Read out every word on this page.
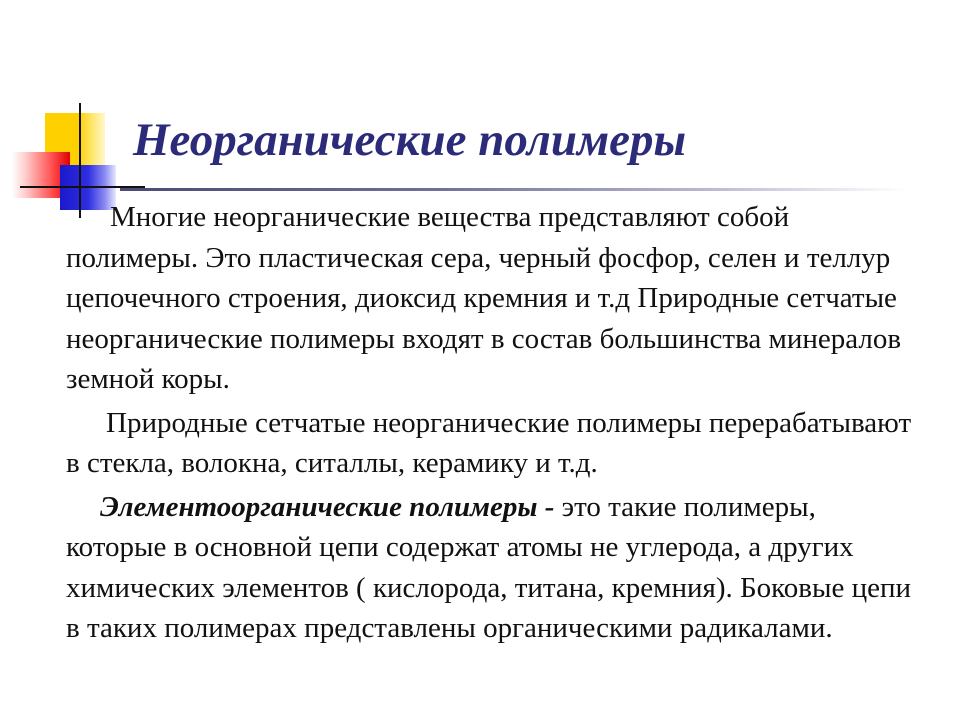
Неорганические полимеры

Многие неорганические вещества представляют собой полимеры. Это пластическая сера, черный фосфор, селен и теллур цепочечного строения, диоксид кремния и т.д Природные сетчатые неорганические полимеры входят в состав большинства минералов земной коры.

Природные сетчатые неорганические полимеры перерабатывают в стекла, волокна, ситаллы, керамику и т.д.

Элементоорганические полимеры - это такие полимеры, которые в основной цепи содержат атомы не углерода, а других химических элементов ( кислорода, титана, кремния). Боковые цепи в таких полимерах представлены органическими радикалами.
